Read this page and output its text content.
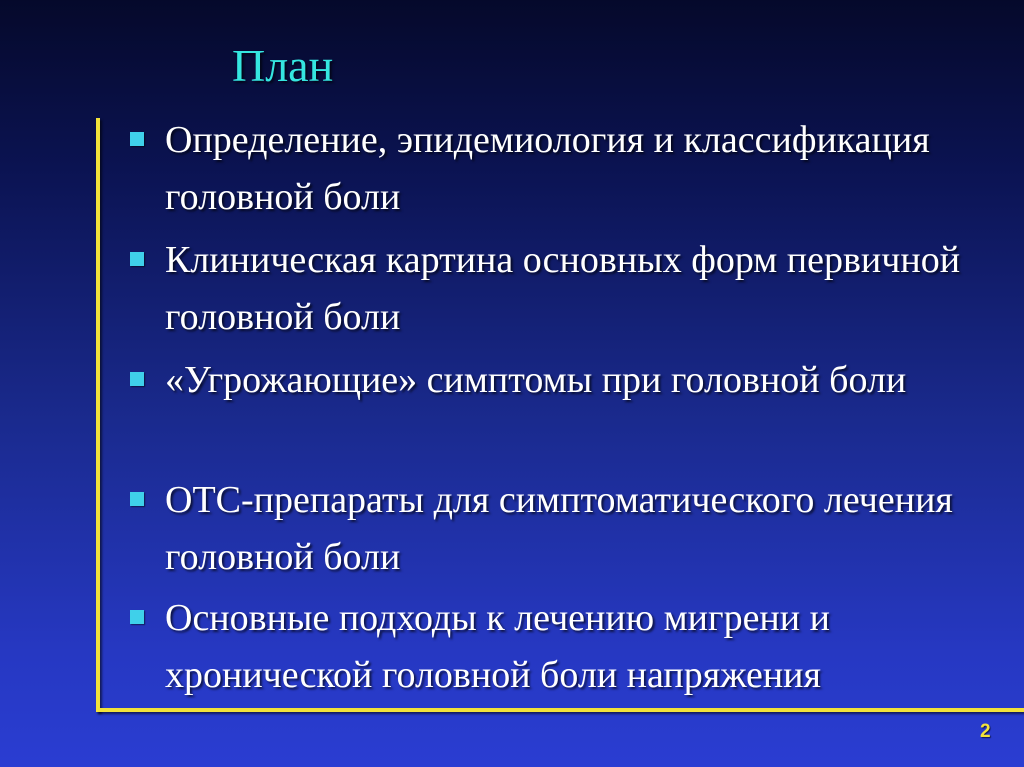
План

Определение, эпидемиология и классификация головной боли

Клиническая картина основных форм первичной головной боли

«Угрожающие» симптомы при головной боли

OTC-препараты для симптоматического лечения головной боли

Основные подходы к лечению мигрени и хронической головной боли напряжения

2
